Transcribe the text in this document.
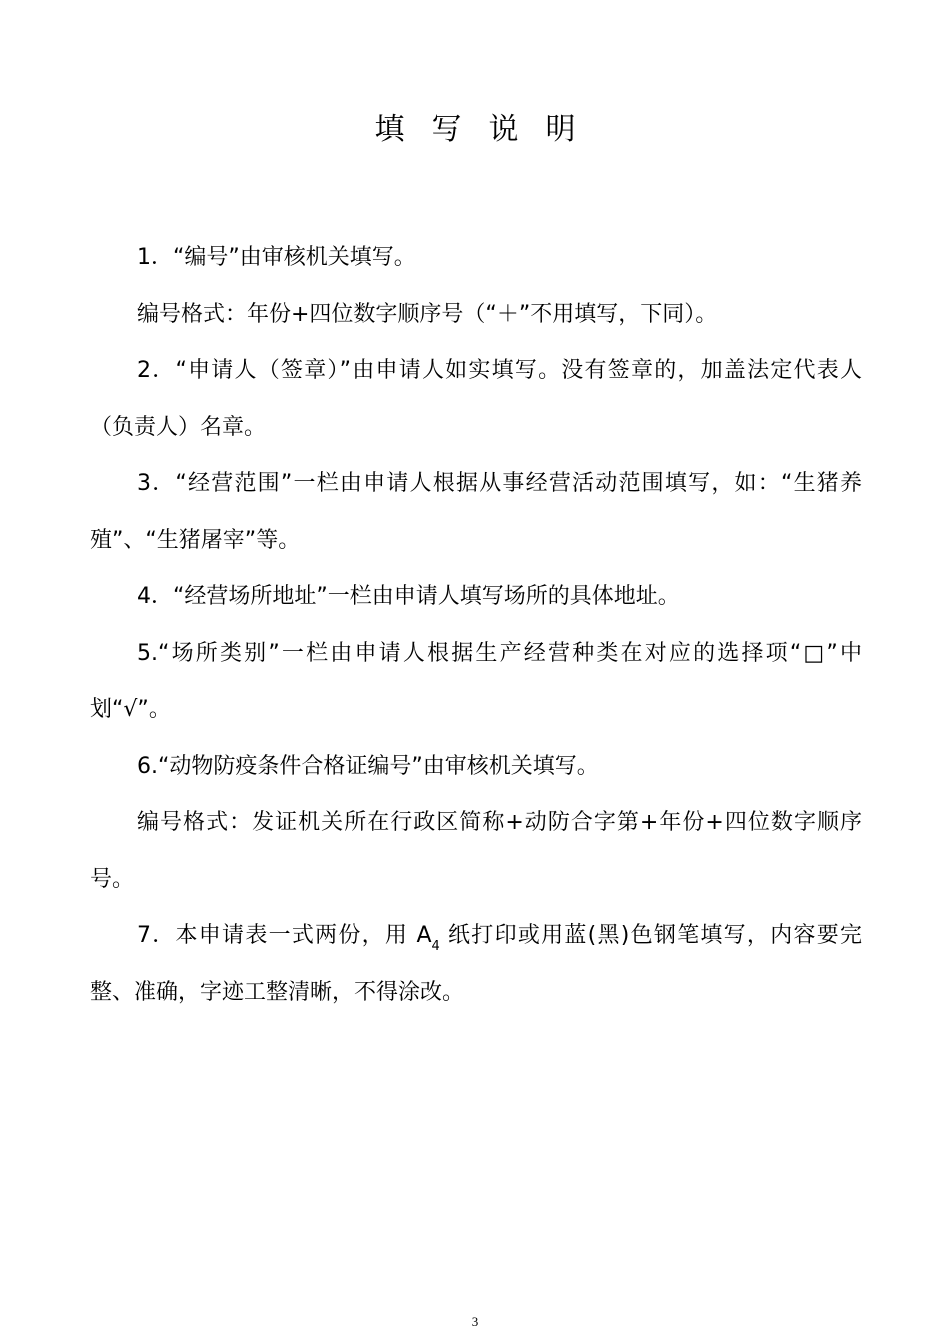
填写说明

1．“编号”由审核机关填写。

编号格式：年份+四位数字顺序号（“＋”不用填写，下同）。

2．“申请人（签章）”由申请人如实填写。没有签章的，加盖法定代表人（负责人）名章。

3．“经营范围”一栏由申请人根据从事经营活动范围填写，如：“生猪养殖”、“生猪屠宰”等。

4．“经营场所地址”一栏由申请人填写场所的具体地址。

5.“场所类别”一栏由申请人根据生产经营种类在对应的选择项“□”中划“√”。

6.“动物防疫条件合格证编号”由审核机关填写。

编号格式：发证机关所在行政区简称+动防合字第+年份+四位数字顺序号。

7．本申请表一式两份，用 $A_4$ 纸打印或用蓝(黑)色钢笔填写，内容要完整、准确，字迹工整清晰，不得涂改。

3
